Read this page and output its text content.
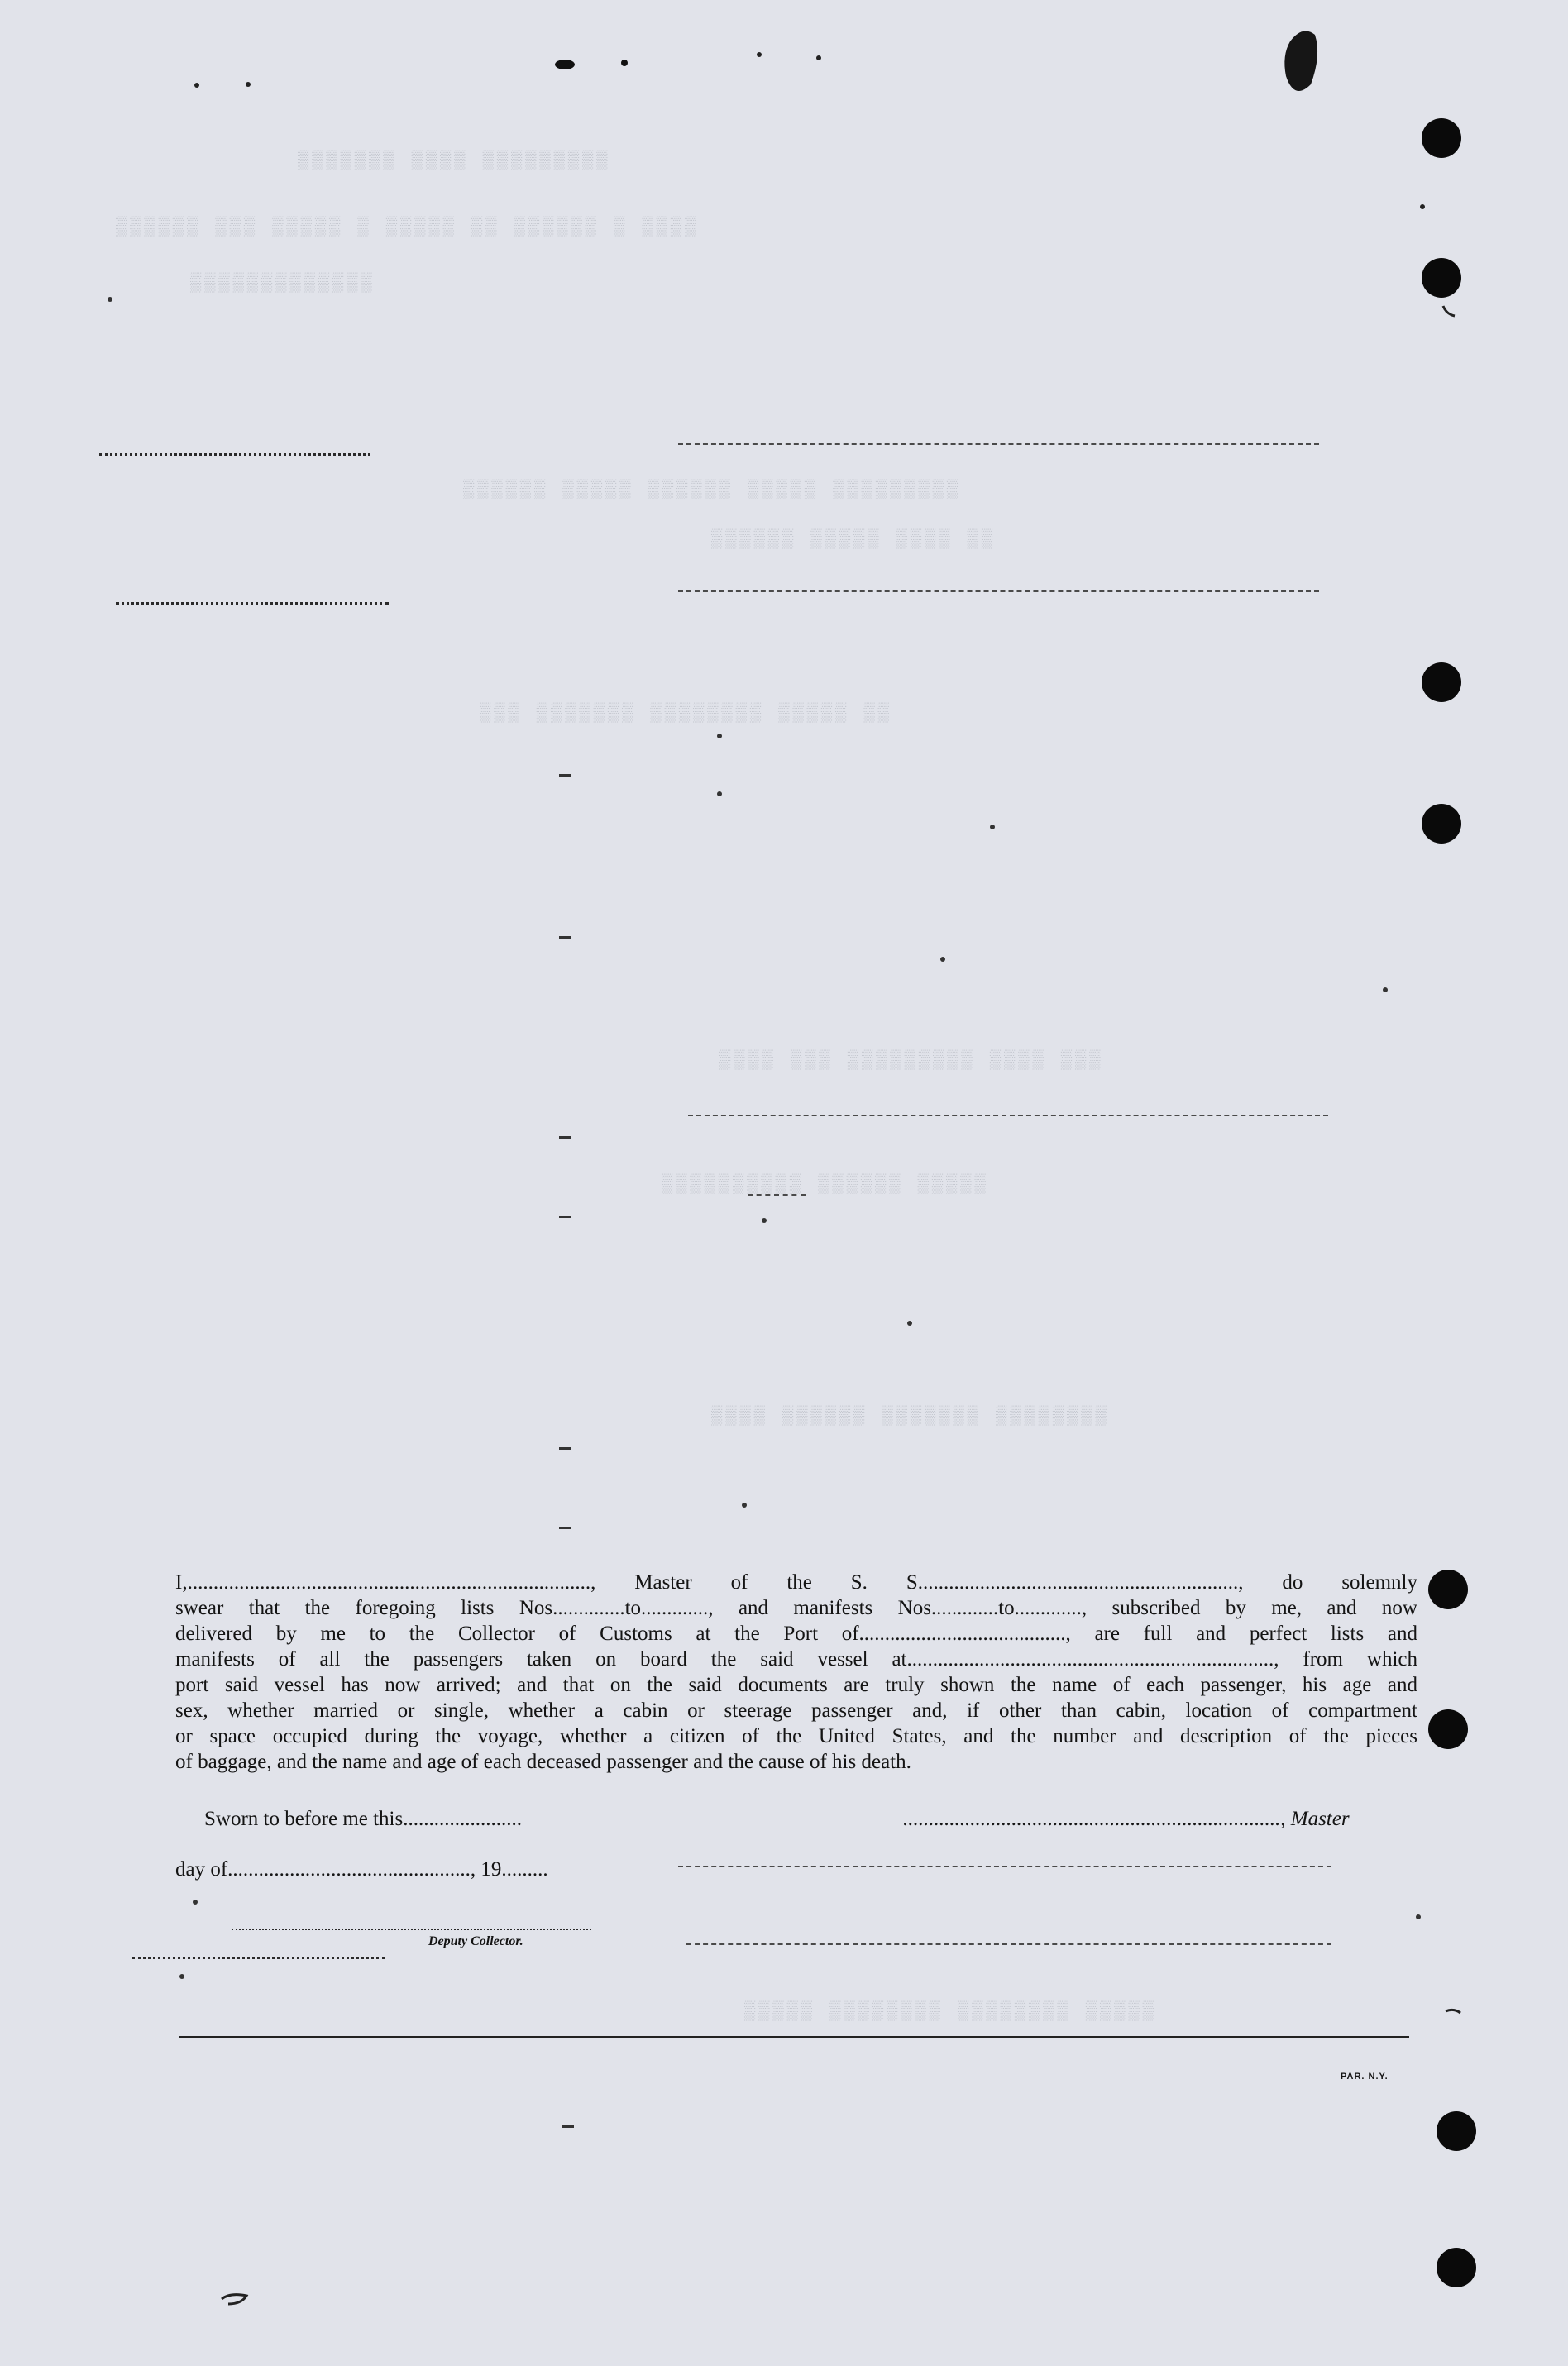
▒▒▒▒▒▒▒ ▒▒▒▒ ▒▒▒▒▒▒▒▒▒
▒▒▒▒▒▒ ▒▒▒ ▒▒▒▒▒ ▒ ▒▒▒▒▒ ▒▒ ▒▒▒▒▒▒ ▒ ▒▒▒▒
▒▒▒▒▒▒▒▒▒▒▒▒▒
▒▒▒▒▒▒ ▒▒▒▒▒ ▒▒▒▒▒▒ ▒▒▒▒▒ ▒▒▒▒▒▒▒▒▒
▒▒▒▒▒▒ ▒▒▒▒▒ ▒▒▒▒ ▒▒
▒▒▒ ▒▒▒▒▒▒▒ ▒▒▒▒▒▒▒▒ ▒▒▒▒▒ ▒▒
▒▒▒▒ ▒▒▒ ▒▒▒▒▒▒▒▒▒ ▒▒▒▒ ▒▒▒
▒▒▒▒▒▒▒▒▒▒ ▒▒▒▒▒▒ ▒▒▒▒▒
▒▒▒▒ ▒▒▒▒▒▒ ▒▒▒▒▒▒▒ ▒▒▒▒▒▒▒▒
▒▒▒▒▒ ▒▒▒▒▒▒▒▒ ▒▒▒▒▒▒▒▒ ▒▒▒▒▒

I,.............................................................................., Master of the S. S.............................................................., do solemnly

swear that the foregoing lists Nos..............to............., and manifests Nos.............to............., subscribed by me, and now

delivered by me to the Collector of Customs at the Port of........................................, are full and perfect lists and

manifests of all the passengers taken on board the said vessel at......................................................................., from which

port said vessel has now arrived; and that on the said documents are truly shown the name of each passenger, his age and

sex, whether married or single, whether a cabin or steerage passenger and, if other than cabin, location of compartment

or space occupied during the voyage, whether a citizen of the United States, and the number and description of the pieces

of baggage, and the name and age of each deceased passenger and the cause of his death.

Sworn to before me this.......................	........................................................................., Master
day of..............................................., 19.........
Deputy Collector.
PAR. N.Y.
